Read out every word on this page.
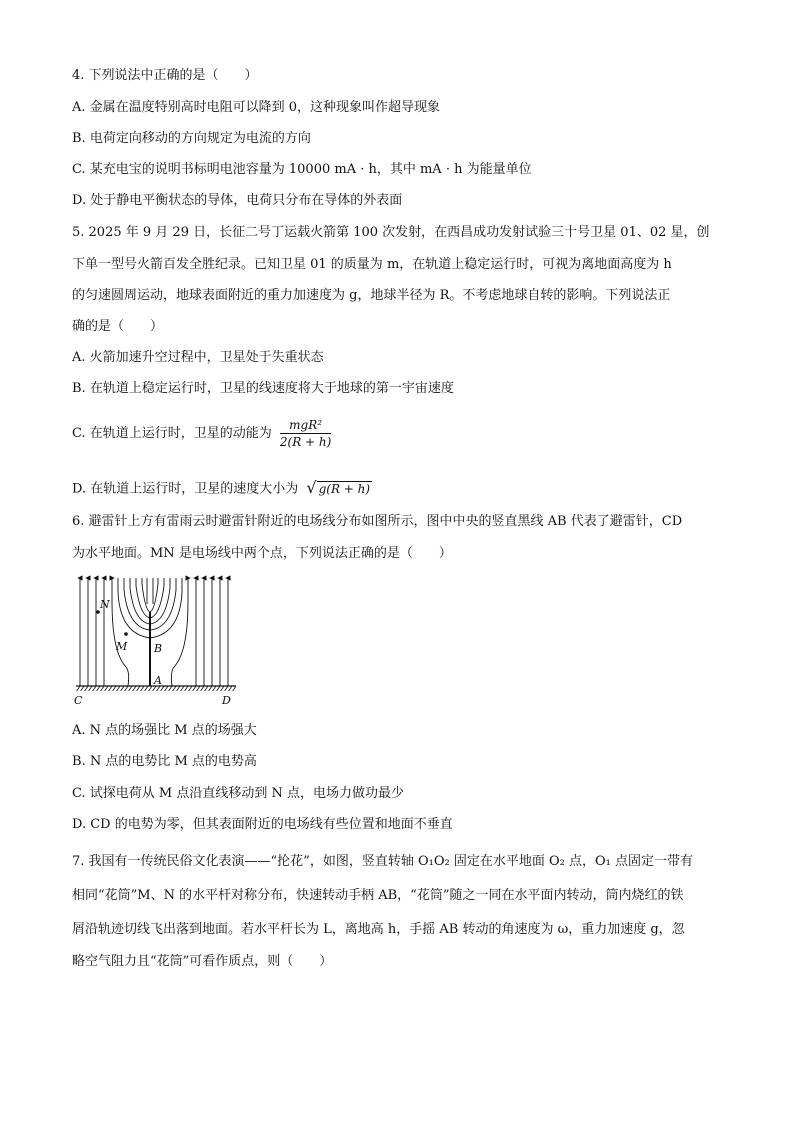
4. 下列说法中正确的是（　　）
A. 金属在温度特别高时电阻可以降到 0，这种现象叫作超导现象
B. 电荷定向移动的方向规定为电流的方向
C. 某充电宝的说明书标明电池容量为 10000 mA · h，其中 mA · h 为能量单位
D. 处于静电平衡状态的导体，电荷只分布在导体的外表面
5. 2025 年 9 月 29 日，长征二号丁运载火箭第 100 次发射，在西昌成功发射试验三十号卫星 01、02 星，创
下单一型号火箭百发全胜纪录。已知卫星 01 的质量为 m，在轨道上稳定运行时，可视为离地面高度为 h
的匀速圆周运动，地球表面附近的重力加速度为 g，地球半径为 R。不考虑地球自转的影响。下列说法正
确的是（　　）
A. 火箭加速升空过程中，卫星处于失重状态
B. 在轨道上稳定运行时，卫星的线速度将大于地球的第一宇宙速度
C. 在轨道上运行时，卫星的动能为 $\frac{\text{mgR²}}{2(R + h)}$
D. 在轨道上运行时，卫星的速度大小为 √ g(R + h)
6. 避雷针上方有雷雨云时避雷针附近的电场线分布如图所示，图中中央的竖直黑线 AB 代表了避雷针，CD
为水平地面。MN 是电场线中两个点，下列说法正确的是（　　）
N
M B
A
C	D
A. N 点的场强比 M 点的场强大
B. N 点的电势比 M 点的电势高
C. 试探电荷从 M 点沿直线移动到 N 点，电场力做功最少
D. CD 的电势为零，但其表面附近的电场线有些位置和地面不垂直
7. 我国有一传统民俗文化表演——“抡花”，如图，竖直转轴 O₁O₂ 固定在水平地面 O₂ 点，O₁ 点固定一带有
相同“花筒”M、N 的水平杆对称分布，快速转动手柄 AB，“花筒”随之一同在水平面内转动，筒内烧红的铁
屑沿轨迹切线飞出落到地面。若水平杆长为 L，离地高 h，手摇 AB 转动的角速度为 ω，重力加速度 g，忽
略空气阻力且“花筒”可看作质点，则（　　）
